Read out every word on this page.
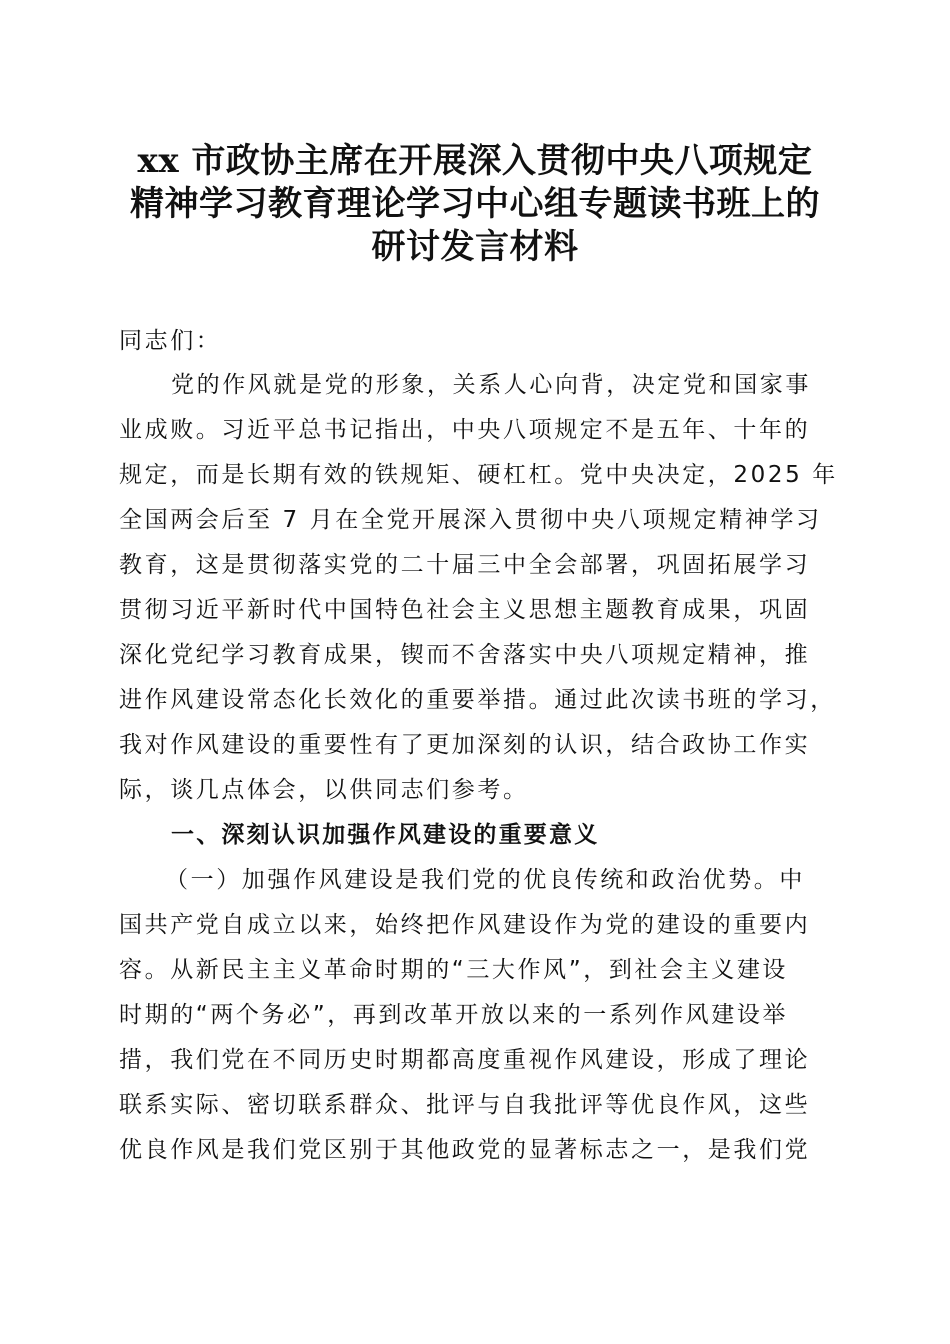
xx 市政协主席在开展深入贯彻中央八项规定
精神学习教育理论学习中心组专题读书班上的
研讨发言材料
同志们：
党的作风就是党的形象，关系人心向背，决定党和国家事
业成败。习近平总书记指出，中央八项规定不是五年、十年的
规定，而是长期有效的铁规矩、硬杠杠。党中央决定，2025 年
全国两会后至 7 月在全党开展深入贯彻中央八项规定精神学习
教育，这是贯彻落实党的二十届三中全会部署，巩固拓展学习
贯彻习近平新时代中国特色社会主义思想主题教育成果，巩固
深化党纪学习教育成果，锲而不舍落实中央八项规定精神，推
进作风建设常态化长效化的重要举措。通过此次读书班的学习，
我对作风建设的重要性有了更加深刻的认识，结合政协工作实
际，谈几点体会，以供同志们参考。
一、深刻认识加强作风建设的重要意义
（一）加强作风建设是我们党的优良传统和政治优势。中
国共产党自成立以来，始终把作风建设作为党的建设的重要内
容。从新民主主义革命时期的“三大作风”，到社会主义建设
时期的“两个务必”，再到改革开放以来的一系列作风建设举
措，我们党在不同历史时期都高度重视作风建设，形成了理论
联系实际、密切联系群众、批评与自我批评等优良作风，这些
优良作风是我们党区别于其他政党的显著标志之一，是我们党
